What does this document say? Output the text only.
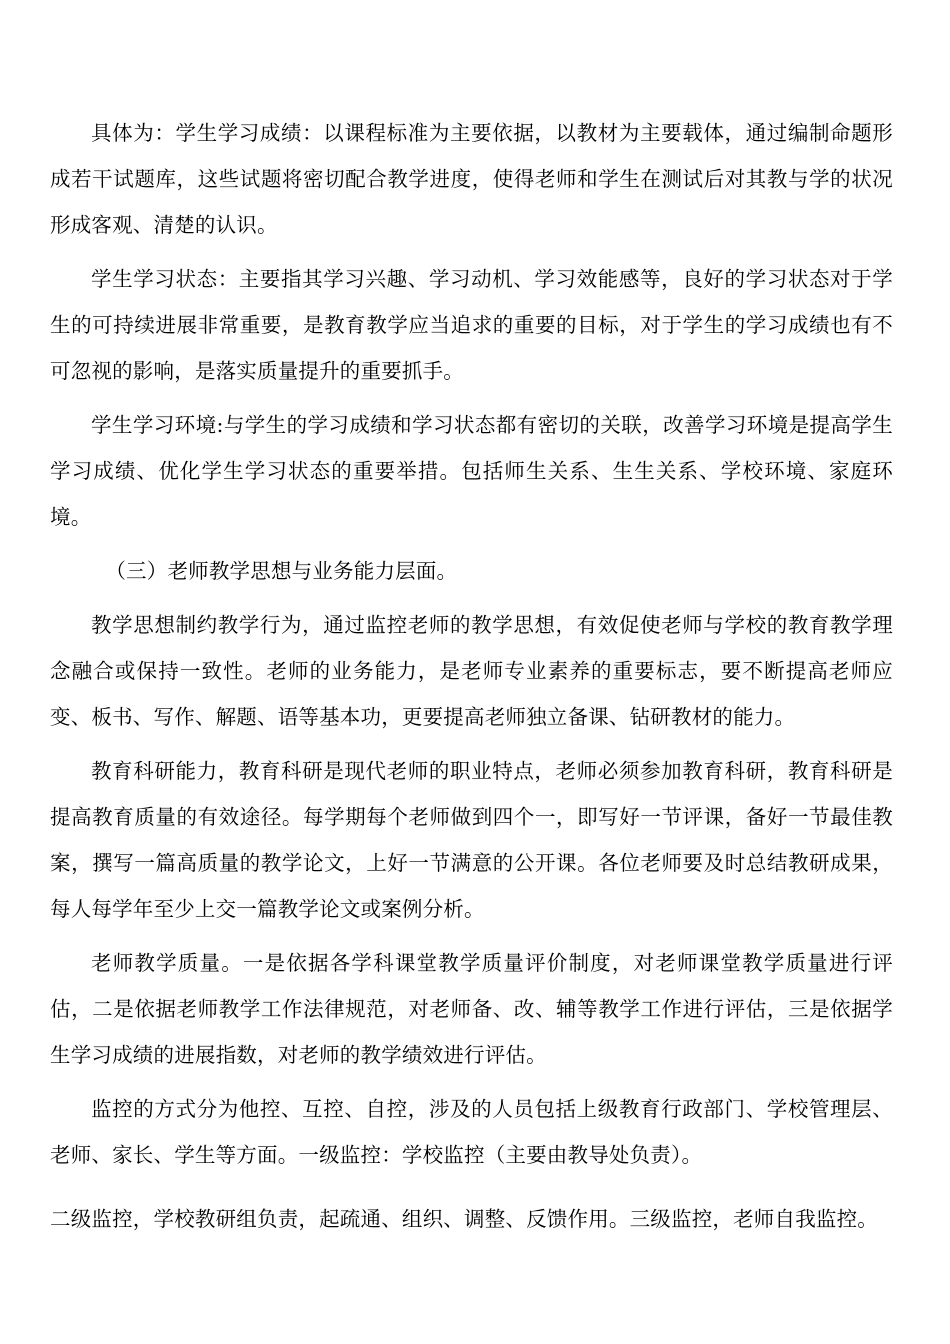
具体为：学生学习成绩：以课程标准为主要依据，以教材为主要载体，通过编制命题形成若干试题库，这些试题将密切配合教学进度，使得老师和学生在测试后对其教与学的状况形成客观、清楚的认识。

学生学习状态：主要指其学习兴趣、学习动机、学习效能感等，良好的学习状态对于学生的可持续进展非常重要，是教育教学应当追求的重要的目标，对于学生的学习成绩也有不可忽视的影响，是落实质量提升的重要抓手。

学生学习环境:与学生的学习成绩和学习状态都有密切的关联，改善学习环境是提高学生学习成绩、优化学生学习状态的重要举措。包括师生关系、生生关系、学校环境、家庭环境。

（三）老师教学思想与业务能力层面。

教学思想制约教学行为，通过监控老师的教学思想，有效促使老师与学校的教育教学理念融合或保持一致性。老师的业务能力，是老师专业素养的重要标志，要不断提高老师应变、板书、写作、解题、语等基本功，更要提高老师独立备课、钻研教材的能力。

教育科研能力，教育科研是现代老师的职业特点，老师必须参加教育科研，教育科研是提高教育质量的有效途径。每学期每个老师做到四个一，即写好一节评课，备好一节最佳教案，撰写一篇高质量的教学论文，上好一节满意的公开课。各位老师要及时总结教研成果，每人每学年至少上交一篇教学论文或案例分析。

老师教学质量。一是依据各学科课堂教学质量评价制度，对老师课堂教学质量进行评估，二是依据老师教学工作法律规范，对老师备、改、辅等教学工作进行评估，三是依据学生学习成绩的进展指数，对老师的教学绩效进行评估。

监控的方式分为他控、互控、自控，涉及的人员包括上级教育行政部门、学校管理层、老师、家长、学生等方面。一级监控：学校监控（主要由教导处负责）。

二级监控，学校教研组负责，起疏通、组织、调整、反馈作用。三级监控，老师自我监控。
